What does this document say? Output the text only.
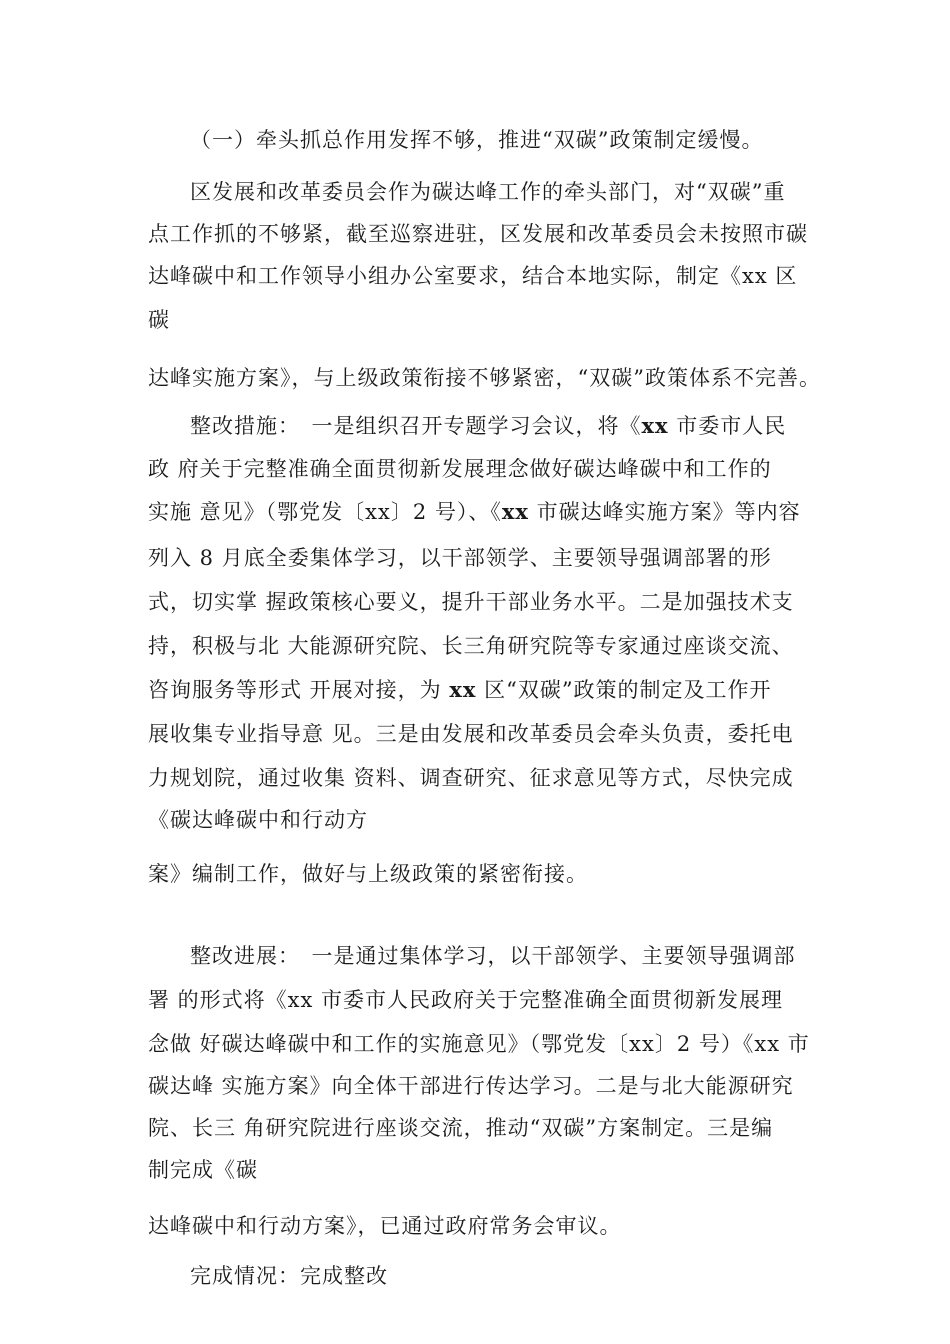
（一）牵头抓总作用发挥不够，推进“双碳”政策制定缓慢。
区发展和改革委员会作为碳达峰工作的牵头部门，对“双碳”重
点工作抓的不够紧，截至巡察进驻，区发展和改革委员会未按照市碳
达峰碳中和工作领导小组办公室要求，结合本地实际，制定《xx 区
碳
达峰实施方案》，与上级政策衔接不够紧密，“双碳”政策体系不完善。
整改措施：　一是组织召开专题学习会议，将《xx 市委市人民
政 府关于完整准确全面贯彻新发展理念做好碳达峰碳中和工作的
实施 意见》（鄂党发〔xx〕2 号）、《xx 市碳达峰实施方案》等内容
列入 8 月底全委集体学习，以干部领学、主要领导强调部署的形
式，切实掌 握政策核心要义，提升干部业务水平。二是加强技术支
持，积极与北 大能源研究院、长三角研究院等专家通过座谈交流、
咨询服务等形式 开展对接，为 xx 区“双碳”政策的制定及工作开
展收集专业指导意 见。三是由发展和改革委员会牵头负责，委托电
力规划院，通过收集 资料、调查研究、征求意见等方式，尽快完成
《碳达峰碳中和行动方
案》编制工作，做好与上级政策的紧密衔接。
整改进展：　一是通过集体学习，以干部领学、主要领导强调部
署 的形式将《xx 市委市人民政府关于完整准确全面贯彻新发展理
念做 好碳达峰碳中和工作的实施意见》（鄂党发〔xx〕2 号）《xx 市
碳达峰 实施方案》向全体干部进行传达学习。二是与北大能源研究
院、长三 角研究院进行座谈交流，推动“双碳”方案制定。三是编
制完成《碳
达峰碳中和行动方案》，已通过政府常务会审议。
完成情况：完成整改
